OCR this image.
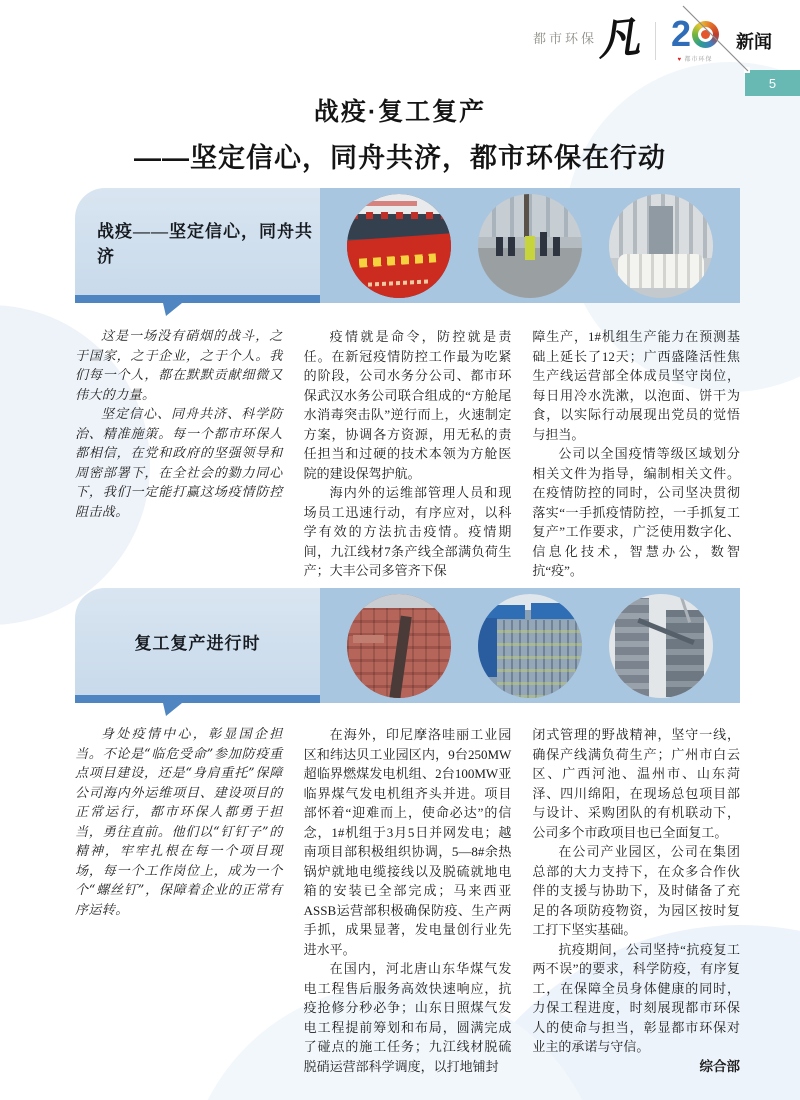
都市环保
凡 2
♥ 都市环保
新闻
5
战疫·复工复产
——坚定信心，同舟共济，都市环保在行动
战疫——坚定信心，同舟共济

这是一场没有硝烟的战斗，之于国家，之于企业，之于个人。我们每一个人，都在默默贡献细微又伟大的力量。

坚定信心、同舟共济、科学防治、精准施策。每一个都市环保人都相信，在党和政府的坚强领导和周密部署下，在全社会的勠力同心下，我们一定能打赢这场疫情防控阻击战。

疫情就是命令，防控就是责任。在新冠疫情防控工作最为吃紧的阶段，公司水务分公司、都市环保武汉水务公司联合组成的“方舱尾水消毒突击队”逆行而上，火速制定方案，协调各方资源，用无私的责任担当和过硬的技术本领为方舱医院的建设保驾护航。

海内外的运维部管理人员和现场员工迅速行动，有序应对，以科学有效的方法抗击疫情。疫情期间，九江线材7条产线全部满负荷生产；大丰公司多管齐下保

障生产，1#机组生产能力在预测基础上延长了12天；广西盛隆活性焦生产线运营部全体成员坚守岗位，每日用冷水洗漱，以泡面、饼干为食，以实际行动展现出党员的觉悟与担当。

公司以全国疫情等级区域划分相关文件为指导，编制相关文件。在疫情防控的同时，公司坚决贯彻落实“一手抓疫情防控，一手抓复工复产”工作要求，广泛使用数字化、信息化技术，智慧办公，数智抗“疫”。

复工复产进行时

身处疫情中心，彰显国企担当。不论是“临危受命”参加防疫重点项目建设，还是“身肩重托”保障公司海内外运维项目、建设项目的正常运行，都市环保人都勇于担当，勇往直前。他们以“钉钉子”的精神，牢牢扎根在每一个项目现场，每一个工作岗位上，成为一个个“螺丝钉”，保障着企业的正常有序运转。

在海外，印尼摩洛哇丽工业园区和纬达贝工业园区内，9台250MW超临界燃煤发电机组、2台100MW亚临界煤气发电机组齐头并进。项目部怀着“迎难而上，使命必达”的信念，1#机组于3月5日并网发电；越南项目部积极组织协调，5—8#余热锅炉就地电缆接线以及脱硫就地电箱的安装已全部完成；马来西亚ASSB运营部积极确保防疫、生产两手抓，成果显著，发电量创行业先进水平。

在国内，河北唐山东华煤气发电工程售后服务高效快速响应，抗疫抢修分秒必争；山东日照煤气发电工程提前筹划和布局，圆满完成了碰点的施工任务；九江线材脱硫脱硝运营部科学调度，以打地铺封

闭式管理的野战精神，坚守一线，确保产线满负荷生产；广州市白云区、广西河池、温州市、山东菏泽、四川绵阳，在现场总包项目部与设计、采购团队的有机联动下，公司多个市政项目也已全面复工。

在公司产业园区，公司在集团总部的大力支持下，在众多合作伙伴的支援与协助下，及时储备了充足的各项防疫物资，为园区按时复工打下坚实基础。

抗疫期间，公司坚持“抗疫复工两不误”的要求，科学防疫，有序复工，在保障全员身体健康的同时，力保工程进度，时刻展现都市环保人的使命与担当，彰显都市环保对业主的承诺与守信。

综合部
